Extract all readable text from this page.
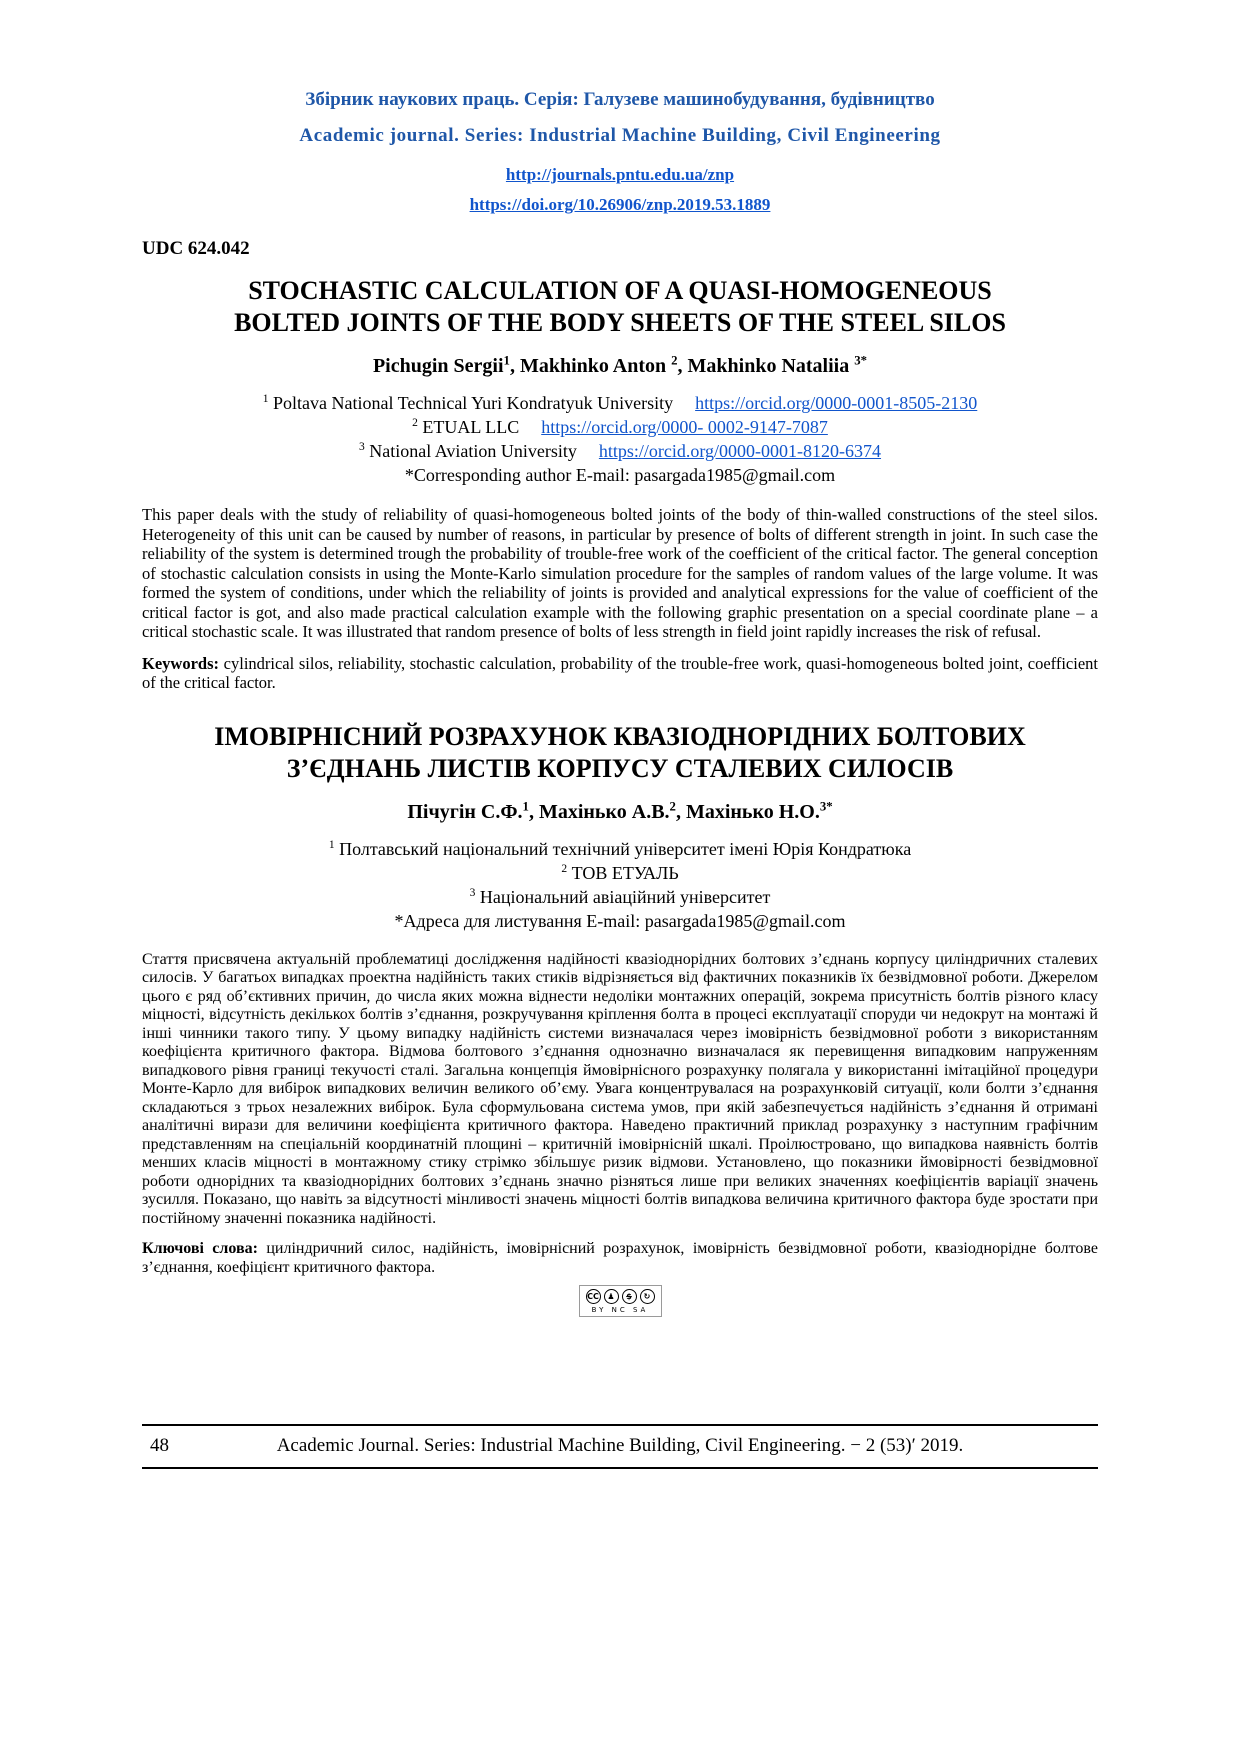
Збірник наукових праць. Серія: Галузеве машинобудування, будівництво
Academic journal. Series: Industrial Machine Building, Civil Engineering
http://journals.pntu.edu.ua/znp
https://doi.org/10.26906/znp.2019.53.1889
UDC 624.042
STOCHASTIC CALCULATION OF A QUASI-HOMOGENEOUS
BOLTED JOINTS OF THE BODY SHEETS OF THE STEEL SILOS
Pichugin Sergii$^1$, Makhinko Anton $^2$, Makhinko Nataliia $^{3*}$
$^1$ Poltava National Technical Yuri Kondratyuk University https://orcid.org/0000-0001-8505-2130
$^2$ ETUAL LLC https://orcid.org/0000- 0002-9147-7087
$^3$ National Aviation University https://orcid.org/0000-0001-8120-6374
*Corresponding author E-mail: pasargada1985@gmail.com

This paper deals with the study of reliability of quasi-homogeneous bolted joints of the body of thin-walled constructions of the steel silos. Heterogeneity of this unit can be caused by number of reasons, in particular by presence of bolts of different strength in joint. In such case the reliability of the system is determined trough the probability of trouble-free work of the coefficient of the critical factor. The general conception of stochastic calculation consists in using the Monte-Karlo simulation procedure for the samples of random values of the large volume. It was formed the system of conditions, under which the reliability of joints is provided and analytical expressions for the value of coefficient of the critical factor is got, and also made practical calculation example with the following graphic presentation on a special coordinate plane – a critical stochastic scale. It was illustrated that random presence of bolts of less strength in field joint rapidly increases the risk of refusal.

Keywords: cylindrical silos, reliability, stochastic calculation, probability of the trouble-free work, quasi-homogeneous bolted joint, coefficient of the critical factor.

ІМОВІРНІСНИЙ РОЗРАХУНОК КВАЗІОДНОРІДНИХ БОЛТОВИХ
З’ЄДНАНЬ ЛИСТІВ КОРПУСУ СТАЛЕВИХ СИЛОСІВ
Пічугін С.Ф.$^1$, Махінько А.В.$^2$, Махінько Н.О.$^{3*}$
$^1$ Полтавський національний технічний університет імені Юрія Кондратюка
$^2$ ТОВ ЕТУАЛЬ
$^3$ Національний авіаційний університет
*Адреса для листування E-mail: pasargada1985@gmail.com

Стаття присвячена актуальній проблематиці дослідження надійності квазіоднорідних болтових з’єднань корпусу циліндричних сталевих силосів. У багатьох випадках проектна надійність таких стиків відрізняється від фактичних показників їх безвідмовної роботи. Джерелом цього є ряд об’єктивних причин, до числа яких можна віднести недоліки монтажних операцій, зокрема присутність болтів різного класу міцності, відсутність декількох болтів з’єднання, розкручування кріплення болта в процесі експлуатації споруди чи недокрут на монтажі й інші чинники такого типу. У цьому випадку надійність системи визначалася через імовірність безвідмовної роботи з використанням коефіцієнта критичного фактора. Відмова болтового з’єднання однозначно визначалася як перевищення випадковим напруженням випадкового рівня границі текучості сталі. Загальна концепція ймовірнісного розрахунку полягала у використанні імітаційної процедури Монте-Карло для вибірок випадкових величин великого об’єму. Увага концентрувалася на розрахунковій ситуації, коли болти з’єднання складаються з трьох незалежних вибірок. Була сформульована система умов, при якій забезпечується надійність з’єднання й отримані аналітичні вирази для величини коефіцієнта критичного фактора. Наведено практичний приклад розрахунку з наступним графічним представленням на спеціальній координатній площині – критичній імовірнісній шкалі. Проілюстровано, що випадкова наявність болтів менших класів міцності в монтажному стику стрімко збільшує ризик відмови. Установлено, що показники ймовірності безвідмовної роботи однорідних та квазіоднорідних болтових з’єднань значно різняться лише при великих значеннях коефіцієнтів варіації значень зусилля. Показано, що навіть за відсутності мінливості значень міцності болтів випадкова величина критичного фактора буде зростати при постійному значенні показника надійності.

Ключові слова: циліндричний силос, надійність, імовірнісний розрахунок, імовірність безвідмовної роботи, квазіоднорідне болтове з’єднання, коефіцієнт критичного фактора.

CC	♟	$	↻
BY NC SA
48	Academic Journal. Series: Industrial Machine Building, Civil Engineering. − 2 (53)′ 2019.
